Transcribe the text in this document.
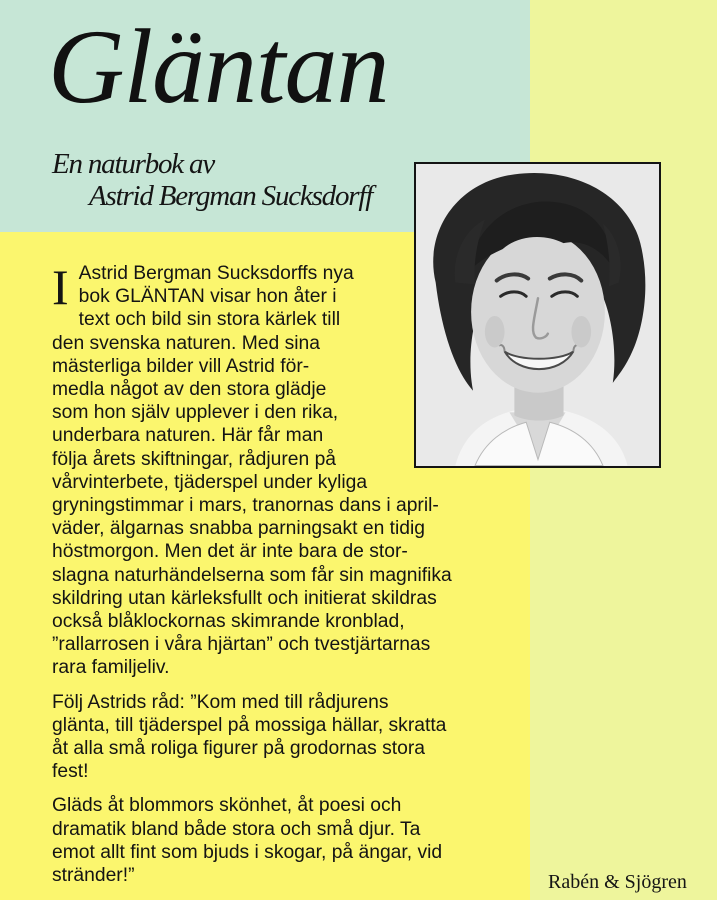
Gläntan
En naturbok av
Astrid Bergman Sucksdorff
I Astrid Bergman Sucksdorffs nya
bok GLÄNTAN visar hon åter i
text och bild sin stora kärlek till
den svenska naturen. Med sina
mästerliga bilder vill Astrid för-
medla något av den stora glädje
som hon själv upplever i den rika,
underbara naturen. Här får man
följa årets skiftningar, rådjuren på
vårvinterbete, tjäderspel under kyliga
gryningstimmar i mars, tranornas dans i april-
väder, älgarnas snabba parningsakt en tidig
höstmorgon. Men det är inte bara de stor-
slagna naturhändelserna som får sin magnifika
skildring utan kärleksfullt och initierat skildras
också blåklockornas skimrande kronblad,
”rallarrosen i våra hjärtan” och tvestjärtarnas
rara familjeliv.
Följ Astrids råd: ”Kom med till rådjurens
glänta, till tjäderspel på mossiga hällar, skratta
åt alla små roliga figurer på grodornas stora
fest!
Gläds åt blommors skönhet, åt poesi och
dramatik bland både stora och små djur. Ta
emot allt fint som bjuds i skogar, på ängar, vid
stränder!”	Rabén & Sjögren
